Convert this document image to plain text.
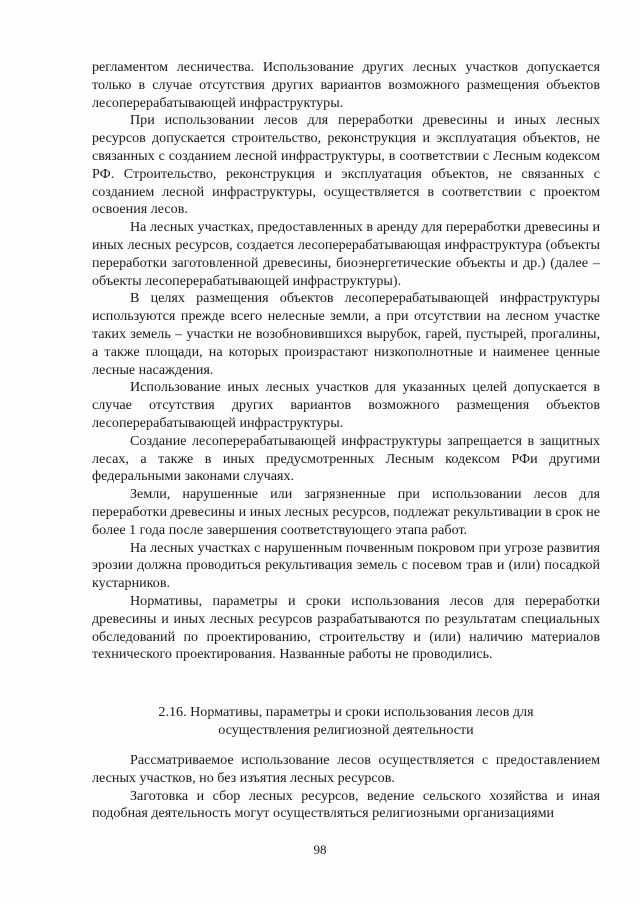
регламентом лесничества. Использование других лесных участков допускается только в случае отсутствия других вариантов возможного размещения объектов лесоперерабатывающей инфраструктуры.

При использовании лесов для переработки древесины и иных лесных ресурсов допускается строительство, реконструкция и эксплуатация объектов, не связанных с созданием лесной инфраструктуры, в соответствии с Лесным кодексом РФ. Строительство, реконструкция и эксплуатация объектов, не связанных с созданием лесной инфраструктуры, осуществляется в соответствии с проектом освоения лесов.

На лесных участках, предоставленных в аренду для переработки древесины и иных лесных ресурсов, создается лесоперерабатывающая инфраструктура (объекты переработки заготовленной древесины, биоэнергетические объекты и др.) (далее – объекты лесоперерабатывающей инфраструктуры).

В целях размещения объектов лесоперерабатывающей инфраструктуры используются прежде всего нелесные земли, а при отсутствии на лесном участке таких земель – участки не возобновившихся вырубок, гарей, пустырей, прогалины, а также площади, на которых произрастают низкополнотные и наименее ценные лесные насаждения.

Использование иных лесных участков для указанных целей допускается в случае отсутствия других вариантов возможного размещения объектов лесоперерабатывающей инфраструктуры.

Создание лесоперерабатывающей инфраструктуры запрещается в защитных лесах, а также в иных предусмотренных Лесным кодексом РФи другими федеральными законами случаях.

Земли, нарушенные или загрязненные при использовании лесов для переработки древесины и иных лесных ресурсов, подлежат рекультивации в срок не более 1 года после завершения соответствующего этапа работ.

На лесных участках с нарушенным почвенным покровом при угрозе развития эрозии должна проводиться рекультивация земель с посевом трав и (или) посадкой кустарников.

Нормативы, параметры и сроки использования лесов для переработки древесины и иных лесных ресурсов разрабатываются по результатам специальных обследований по проектированию, строительству и (или) наличию материалов технического проектирования. Названные работы не проводились.

2.16. Нормативы, параметры и сроки использования лесов для
осуществления религиозной деятельности

Рассматриваемое использование лесов осуществляется с предоставлением лесных участков, но без изъятия лесных ресурсов.

Заготовка и сбор лесных ресурсов, ведение сельского хозяйства и иная подобная деятельность могут осуществляться религиозными организациями

98
